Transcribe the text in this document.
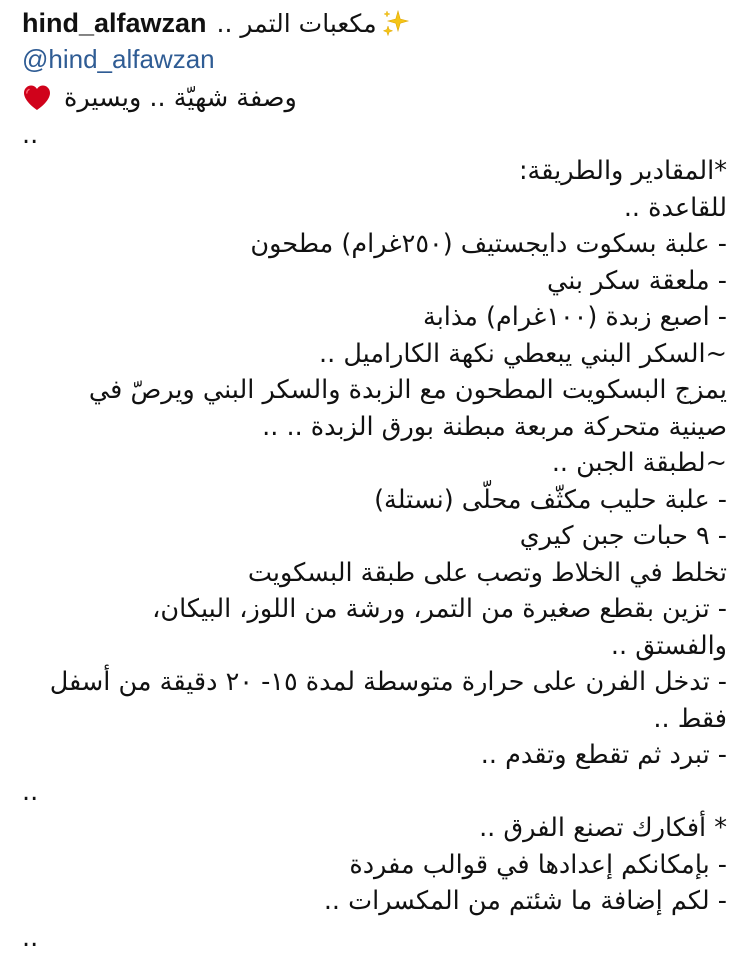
hind_alfawzan مكعبات التمر ..
@hind_alfawzan
وصفة شهيّة .. ويسيرة
..
*المقادير والطريقة:
للقاعدة ..
- علبة بسكوت دايجستيف (٢٥٠غرام) مطحون
- ملعقة سكر بني
- اصبع زبدة (١٠٠غرام) مذابة
~السكر البني يبعطي نكهة الكاراميل ..
يمزج البسكويت المطحون مع الزبدة والسكر البني ويرصّ في
صينية متحركة مربعة مبطنة بورق الزبدة .. ..
~لطبقة الجبن ..
- علبة حليب مكثّف محلّى (نستلة)
- ٩ حبات جبن كيري
تخلط في الخلاط وتصب على طبقة البسكويت
- تزين بقطع صغيرة من التمر، ورشة من اللوز، البيكان،
والفستق ..
- تدخل الفرن على حرارة متوسطة لمدة ١٥- ٢٠ دقيقة من أسفل
فقط ..
- تبرد ثم تقطع وتقدم ..
..
* أفكارك تصنع الفرق ..
- بإمكانكم إعدادها في قوالب مفردة
- لكم إضافة ما شئتم من المكسرات ..
..
